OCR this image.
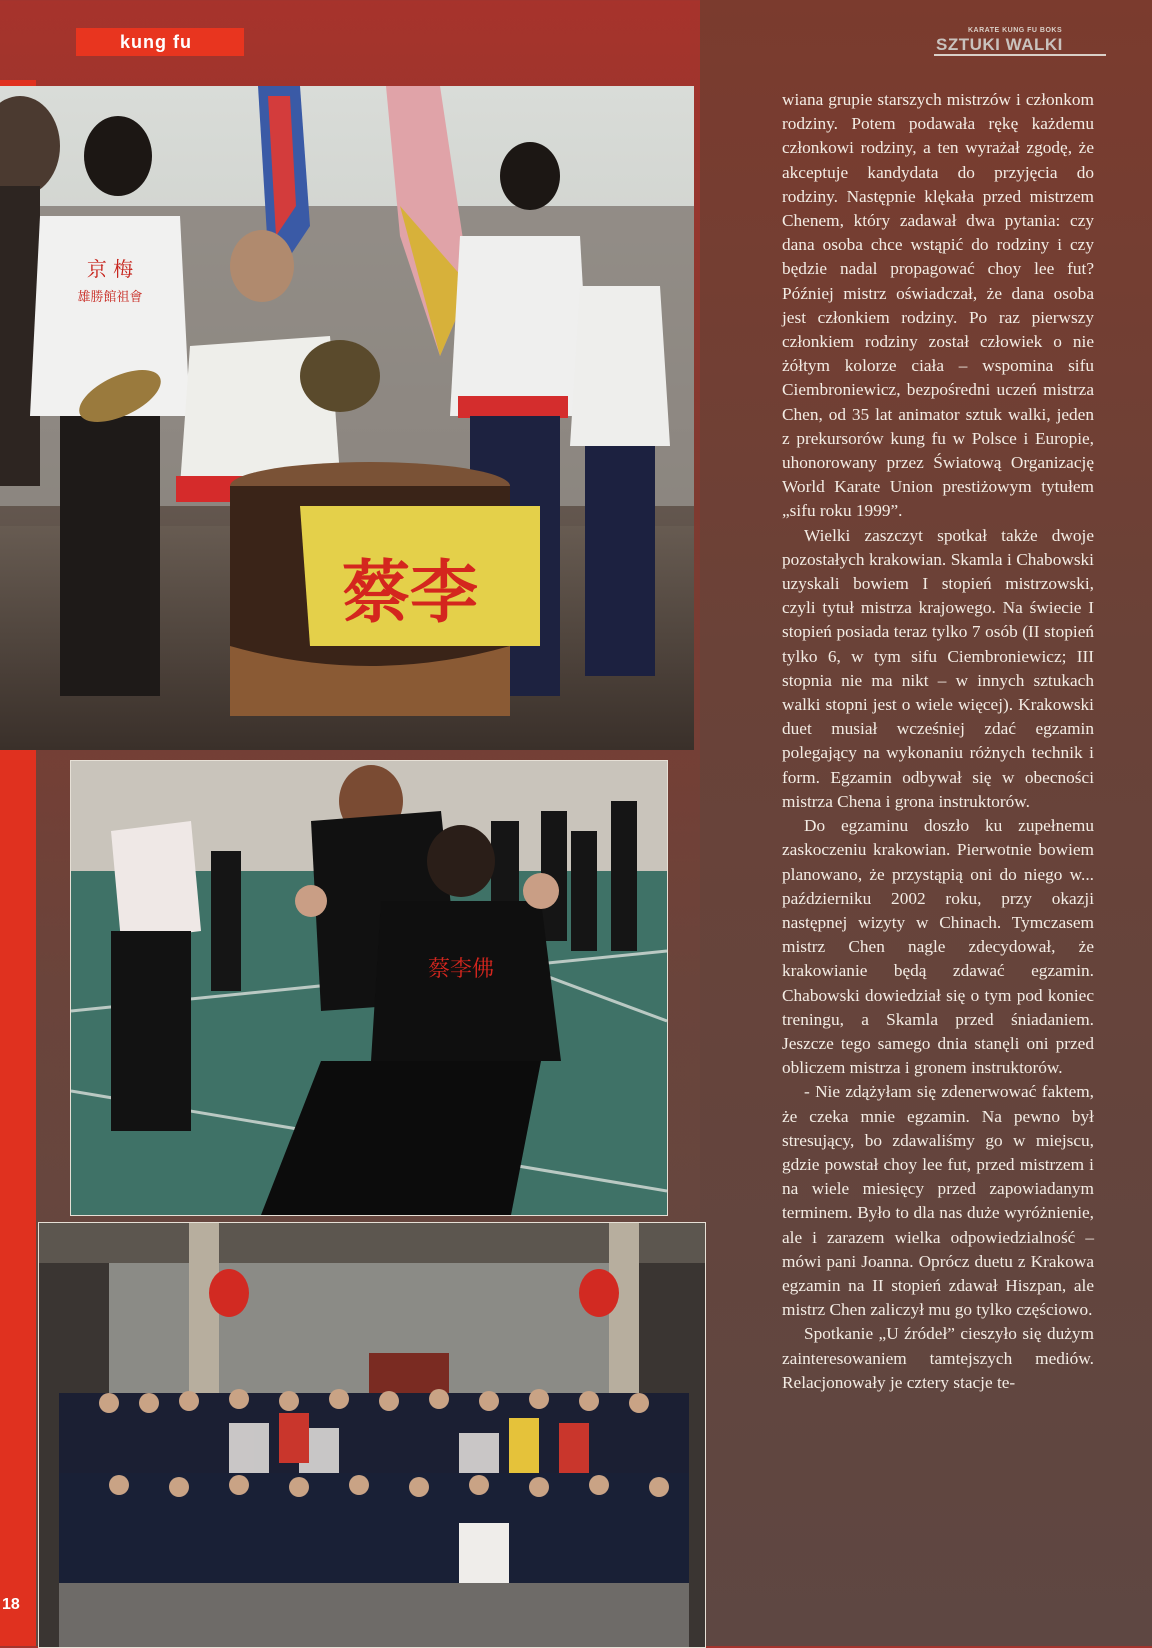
kung fu
KARATE KUNG FU BOKS
SZTUKI WALKI
蔡李
京 梅
雄勝館祖會
蔡李佛

wiana grupie starszych mistrzów i członkom rodziny. Potem podawała rękę każdemu członkowi rodziny, a ten wyrażał zgodę, że akceptuje kandydata do przyjęcia do rodziny. Następnie klękała przed mistrzem Chenem, który zadawał dwa pytania: czy dana osoba chce wstąpić do rodziny i czy będzie nadal propagować choy lee fut? Później mistrz oświadczał, że dana osoba jest członkiem rodziny. Po raz pierwszy członkiem rodziny został człowiek o nie żółtym kolorze ciała – wspomina sifu Ciembroniewicz, bezpośredni uczeń mistrza Chen, od 35 lat animator sztuk walki, jeden z prekursorów kung fu w Polsce i Europie, uhonorowany przez Światową Organizację World Karate Union prestiżowym tytułem „sifu roku 1999”.

Wielki zaszczyt spotkał także dwoje pozostałych krakowian. Skamla i Chabowski uzyskali bowiem I stopień mistrzowski, czyli tytuł mistrza krajowego. Na świecie I stopień posiada teraz tylko 7 osób (II stopień tylko 6, w tym sifu Ciembroniewicz; III stopnia nie ma nikt – w innych sztukach walki stopni jest o wiele więcej). Krakowski duet musiał wcześniej zdać egzamin polegający na wykonaniu różnych technik i form. Egzamin odbywał się w obecności mistrza Chena i grona instruktorów.

Do egzaminu doszło ku zupełnemu zaskoczeniu krakowian. Pierwotnie bowiem planowano, że przystąpią oni do niego w... październiku 2002 roku, przy okazji następnej wizyty w Chinach. Tymczasem mistrz Chen nagle zdecydował, że krakowianie będą zdawać egzamin. Chabowski dowiedział się o tym pod koniec treningu, a Skamla przed śniadaniem. Jeszcze tego samego dnia stanęli oni przed obliczem mistrza i gronem instruktorów.

- Nie zdążyłam się zdenerwować faktem, że czeka mnie egzamin. Na pewno był stresujący, bo zdawaliśmy go w miejscu, gdzie powstał choy lee fut, przed mistrzem i na wiele miesięcy przed zapowiadanym terminem. Było to dla nas duże wyróżnienie, ale i zarazem wielka odpowiedzialność – mówi pani Joanna. Oprócz duetu z Krakowa egzamin na II stopień zdawał Hiszpan, ale mistrz Chen zaliczył mu go tylko częściowo.

Spotkanie „U źródeł” cieszyło się dużym zainteresowaniem tamtejszych mediów. Relacjonowały je cztery stacje te-

18
